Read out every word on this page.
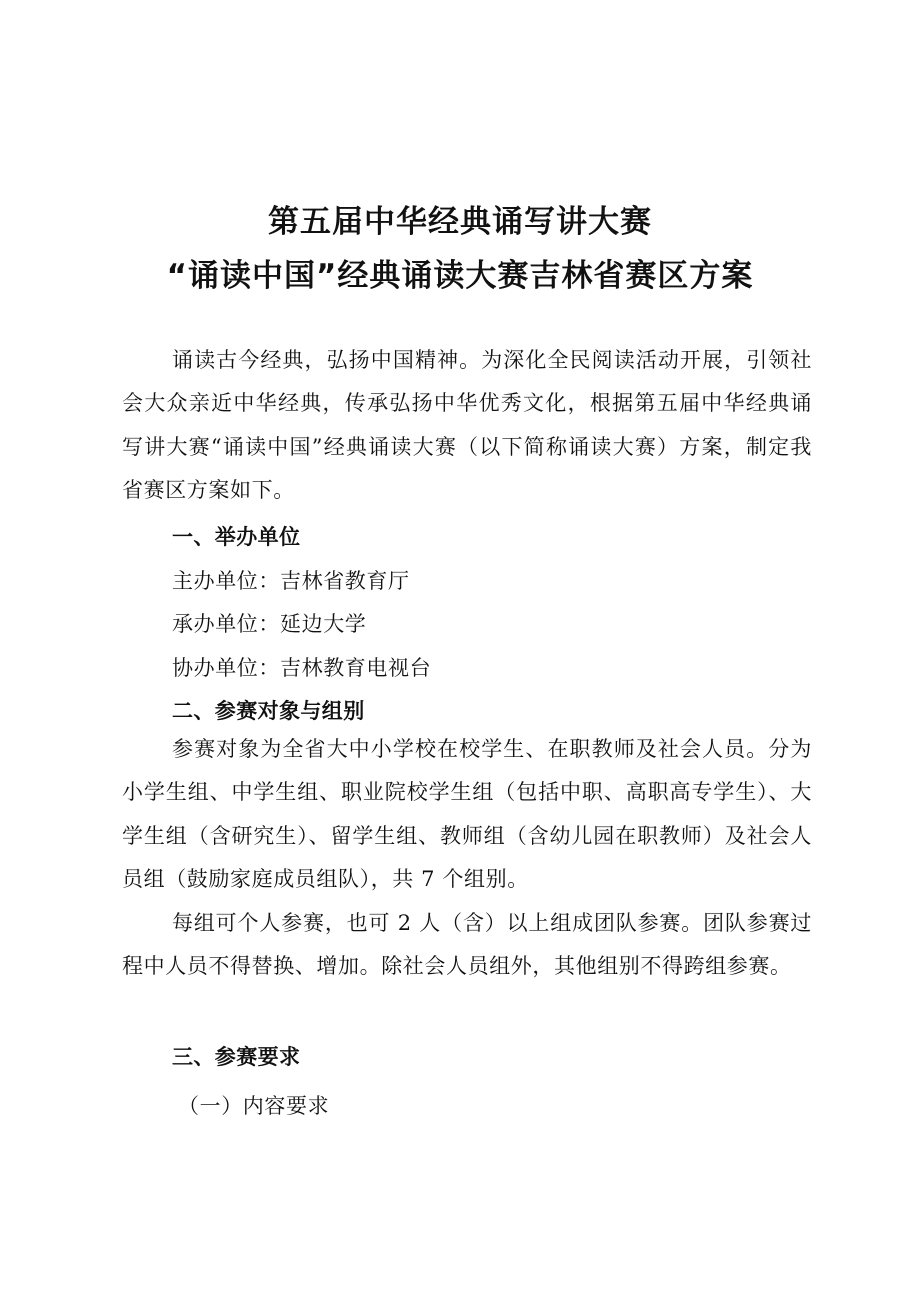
第五届中华经典诵写讲大赛
“诵读中国”经典诵读大赛吉林省赛区方案
诵读古今经典，弘扬中国精神。为深化全民阅读活动开展，引领社会大众亲近中华经典，传承弘扬中华优秀文化，根据第五届中华经典诵写讲大赛“诵读中国”经典诵读大赛（以下简称诵读大赛）方案，制定我省赛区方案如下。
一、举办单位
主办单位：吉林省教育厅
承办单位：延边大学
协办单位：吉林教育电视台
二、参赛对象与组别
参赛对象为全省大中小学校在校学生、在职教师及社会人员。分为小学生组、中学生组、职业院校学生组（包括中职、高职高专学生）、大学生组（含研究生）、留学生组、教师组（含幼儿园在职教师）及社会人员组（鼓励家庭成员组队），共 7 个组别。
每组可个人参赛，也可 2 人（含）以上组成团队参赛。团队参赛过程中人员不得替换、增加。除社会人员组外，其他组别不得跨组参赛。
三、参赛要求
（一）内容要求
